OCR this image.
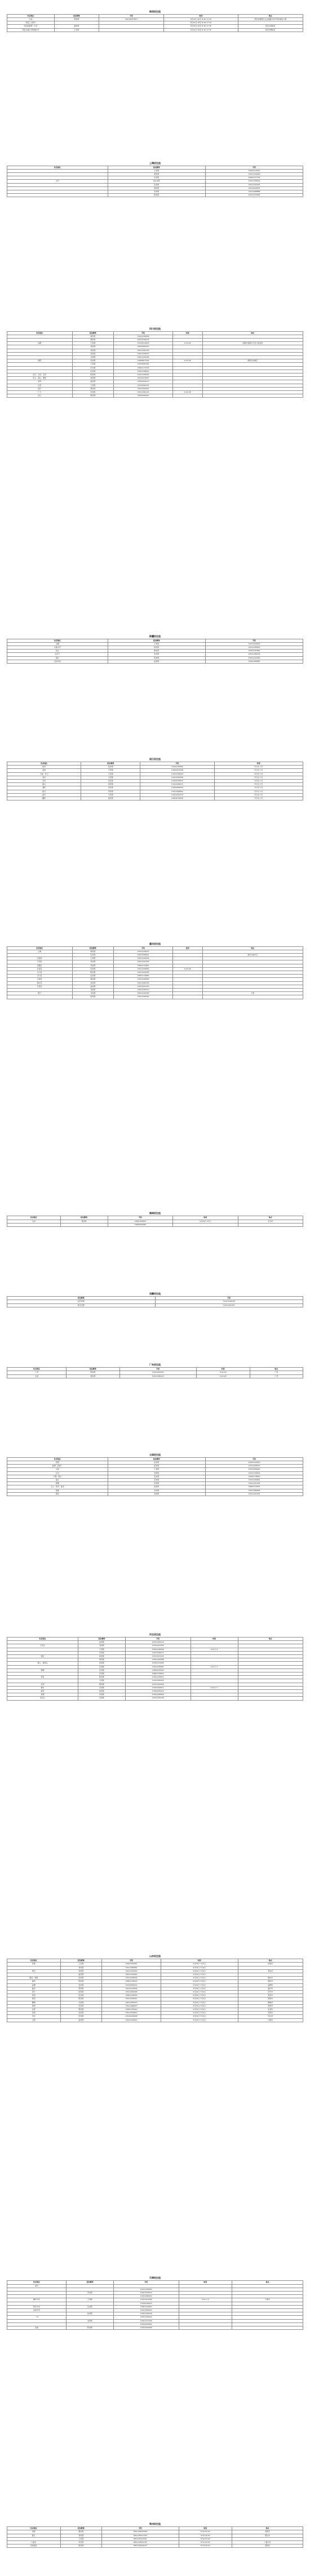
陕西招生组
负责地区	招生教师	手机	时间	地点
全省	周老师	029-82657867	6月24日-26日 8:30-17:30	西安市雁塔区太白南路139号荣华国际大厦
西安工大附中			6月24日-26日 8:30-17:30	
西安高新第一中学	董老师		6月24日-26日 8:30-17:30	西安市高新区
西安交通大学附属中学	王老师		6月24日-26日 8:30-17:30	西安市碑林区
上海招生组
负责地区	招生教师	手机
	王老师	13901210539
	黄老师	13911226186
	朱老师	13801137736
全市	招生老师	13911236109
	吴老师	13911201052
	周老师	13910009033
	李老师	13911688888
	程老师	13911235308
四川招生组
负责地区	招生教师	手机	时间	地点
	黄老师	13911248599		
	郭老师	13911236135		
成都	王老师	13910019218	6.22-26	成都市高新区天府大道北段
	刘老师	13810065221		
	何老师	13911281230		
	邓老师	13811238770		
	马老师	13811245180		
绵阳	李老师	13808817392	6.22-26	绵阳市涪城区
	王老师	13910082163		
	史老师	13801173116		
	张老师	13401168922		
内江、自贡、宜宾	杨老师	13911236162		
乐山、眉山、雅安	刘老师	13910034551		
南充	赵老师	13910209110		
达州	王老师	13910082163		
遂宁	郭老师	13911200301		
广元	宋老师	13911281123	6.22-26	
凉山	陈老师	13810065221		
新疆招生组
负责地区	招生教师	手机
全疆	王老师	13911236108
乌鲁木齐	杨老师	13911280059
昌吉	谢老师	13501187809
石河子	朱老师	13911286138
喀什	程老师	13811242168
克拉玛依	赵老师	13401065860
浙江招生组
负责地区	招生教师	手机	时间
杭州	林老师	13901120805	7月3日-7日
温州	王老师	13901201208	7月3日-7日
宁波、舟山	王老师	13911236065	7月3日-7日
金华	王老师	13911281056	7月3日-7日
台州	张老师	13910036015	7月3日-7日
嘉兴	刘老师	13911286072	7月3日-7日
湖州	吴老师	13910069055	7月3日-7日
绍兴	李老师	13911208602	7月3日-7日
丽水	王老师	13911281070	7月3日-7日
衢州	赵老师	13801076056	7月3日-7日
重庆招生组
负责地区	招生教师	手机	时间	地点
主城	郭老师	13911236135		
	张老师	13811286261		重庆市渝中区
巴南区	王老师	13911230106		
万州区	刘老师	13911201056		
涪陵区	李老师	13801176021		
北碚区	吴老师	13911208090	6.22-26	
合川区	陈老师	13911200315		
永川区	张老师	13801139082		
江津区	黄老师	13911248599		
綦江区	何老师	13911281230		
长寿区	赵老师	13911201310		
	邓老师	13811238770		
黔江	马老师	13811245180		万州
	杨老师	13911236162		
湖南招生组
负责地区	招生教师	手机	时间	地点
全省	曾老师	13801020815	6月23日-27日	长沙市
		13808050080		
西藏招生组
招生教师	手机
拉萨老师	13911236106
林芝老师	13911281301
广东招生组
负责地区	招生教师	手机	时间	地点
广州	郭老师	13911200301	6.22-26	广州
全省	黄老师	13911286120	6.22-26	广州
云南招生组
负责地区	招生教师	手机
昆明	张老师	13901220520
曲靖（宣威）	杨老师	13911208120
玉溪	王老师	13910086062
红河	刘老师	13911236109
大理、保山	张老师	13801178630
丽江	宋老师	13911283062
昭通	李老师	13911201026
文山、普洱、临沧	赵老师	13801123616
楚雄	吴老师	13811265508
德宏	何老师	13911201305
河北招生组
负责地区	招生教师	手机	时间	地点
	赵老师	13911236120		
石家庄	刘老师	13911201305		
	王老师	13811248306	6.23-7.2	
	李老师	13911286072		
保定	杨老师	13911201035		
	周老师	13911283080		
唐山、秦皇岛	孙老师	13901221085		
	张老师	13911230681	6.23-7.2	
邯郸	朱老师	13810039202		
	吴老师	13801178052		
邢台	陈老师	13811236012		
	马老师	13911282063		
沧州	郭老师	13911250036		
衡水	宋老师	13901209011	6.23-7.2	
廊坊	高老师	13910035020		
承德	冯老师	13811280608		
张家口	邓老师	13911236158		
山东招生组
负责地区	招生教师	手机	时间	地点
济南	王老师	13901209052	6月24日-7月4日	济南市
	刘老师	13911286062	6月24日-7月4日	
青岛	李老师	13911201063	6月24日-7月4日	青岛市
	赵老师	13811236052	6月24日-7月4日	
烟台、威海	孙老师	13911208036	6月24日-7月4日	烟台市
潍坊	周老师	13801136015	6月24日-7月4日	潍坊市
淄博	吴老师	13910065201	6月24日-7月4日	淄博市
临沂	郑老师	13911230502	6月24日-7月4日	临沂市
济宁	杨老师	13911281026	6月24日-7月4日	济宁市
泰安	张老师	13801126302	6月24日-7月4日	泰安市
德州	陈老师	13911206021	6月24日-7月4日	德州市
聊城	马老师	13811280315	6月24日-7月4日	聊城市
滨州	朱老师	13911286053	6月24日-7月4日	滨州市
东营	郭老师	13801105020	6月24日-7月4日	东营市
菏泽	何老师	13911250815	6月24日-7月4日	菏泽市
枣庄	宋老师	13910036028	6月24日-7月4日	枣庄市
日照	高老师	13911236051	6月24日-7月4日	日照市
天津招生组
负责地区	招生教师	手机	时间	地点
南开				
		13911236052		
	李老师	13901209032		
		13911286051		
耀华中学	王老师	13911201052	6.23-7.2	天津市
		13910036015		
新华中学	张老师	13801136052		
实验中学		13911280621		
	赵老师	13811205036		
一中		13911236021		
	刘老师	13901221506		
		13910065081		
其他	陈老师	13911283056		
贵州招生组
负责地区	招生教师	手机	时间	地点
贵阳	曹老师	0851-85655588	8:30-20:00	贵阳市
遵义	刘老师	0851-86521205	8:30-20:00	遵义市
	王老师	0851-85203061	8:30-20:00	
六盘水	李老师	0851-83652150	8:30-20:00	六盘水市
其他地区	黄老师	0851-85620125	8:30-20:00	贵阳市
